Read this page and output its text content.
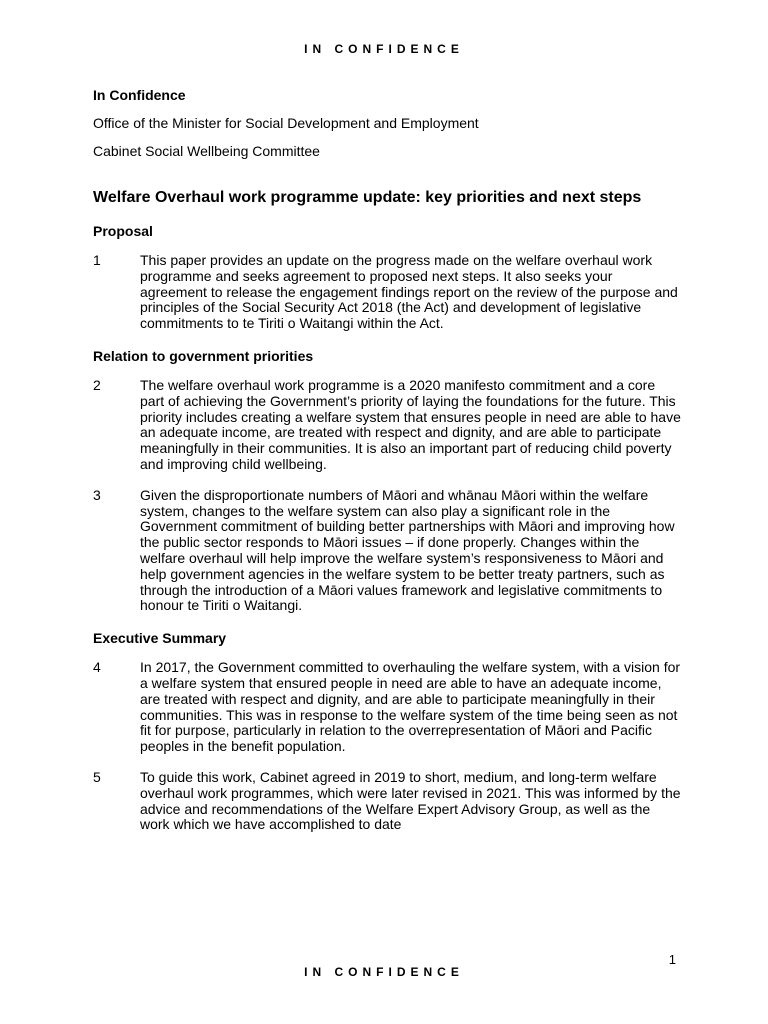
IN CONFIDENCE
In Confidence
Office of the Minister for Social Development and Employment
Cabinet Social Wellbeing Committee
Welfare Overhaul work programme update: key priorities and next steps
Proposal
1	This paper provides an update on the progress made on the welfare overhaul work programme and seeks agreement to proposed next steps. It also seeks your agreement to release the engagement findings report on the review of the purpose and principles of the Social Security Act 2018 (the Act) and development of legislative commitments to te Tiriti o Waitangi within the Act.
Relation to government priorities
2	The welfare overhaul work programme is a 2020 manifesto commitment and a core part of achieving the Government’s priority of laying the foundations for the future. This priority includes creating a welfare system that ensures people in need are able to have an adequate income, are treated with respect and dignity, and are able to participate meaningfully in their communities. It is also an important part of reducing child poverty and improving child wellbeing.
3	Given the disproportionate numbers of Māori and whānau Māori within the welfare system, changes to the welfare system can also play a significant role in the Government commitment of building better partnerships with Māori and improving how the public sector responds to Māori issues – if done properly. Changes within the welfare overhaul will help improve the welfare system’s responsiveness to Māori and help government agencies in the welfare system to be better treaty partners, such as through the introduction of a Māori values framework and legislative commitments to honour te Tiriti o Waitangi.
Executive Summary
4	In 2017, the Government committed to overhauling the welfare system, with a vision for a welfare system that ensured people in need are able to have an adequate income, are treated with respect and dignity, and are able to participate meaningfully in their communities. This was in response to the welfare system of the time being seen as not fit for purpose, particularly in relation to the overrepresentation of Māori and Pacific peoples in the benefit population.
5	To guide this work, Cabinet agreed in 2019 to short, medium, and long-term welfare overhaul work programmes, which were later revised in 2021. This was informed by the advice and recommendations of the Welfare Expert Advisory Group, as well as the work which we have accomplished to date
1
IN CONFIDENCE
